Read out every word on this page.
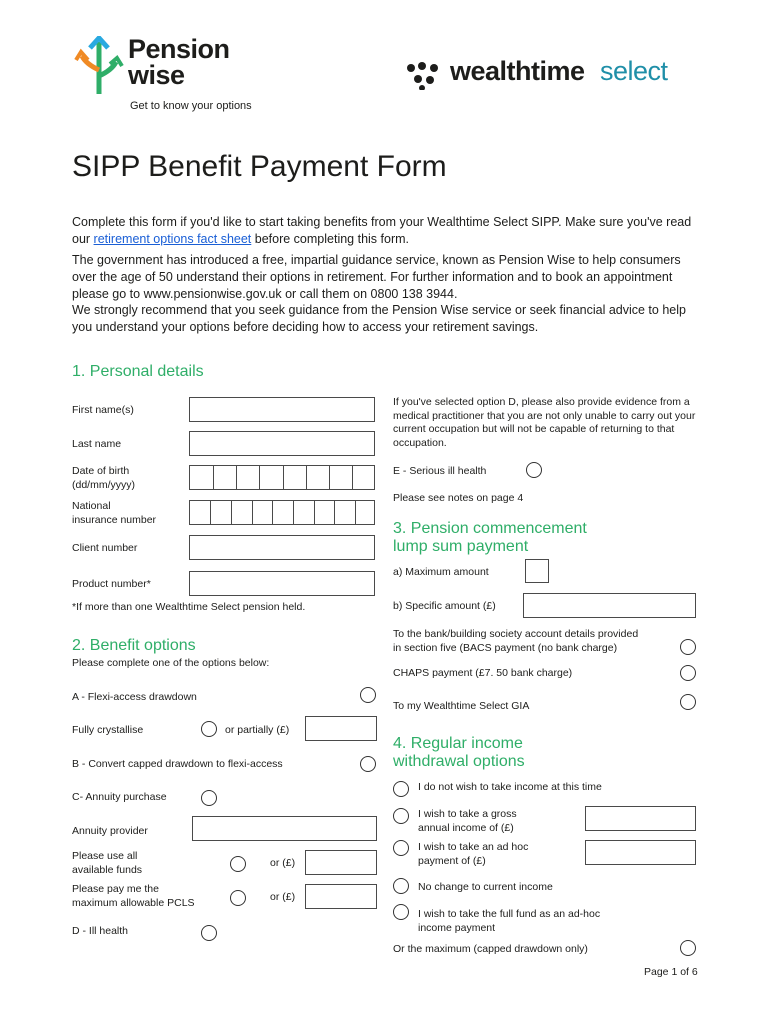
Pension
wise
Get to know your options
wealthtime select
SIPP Benefit Payment Form
Complete this form if you'd like to start taking benefits from your Wealthtime Select SIPP. Make sure you've read our retirement options fact sheet before completing this form.
The government has introduced a free, impartial guidance service, known as Pension Wise to help consumers over the age of 50 understand their options in retirement. For further information and to book an appointment please go to www.pensionwise.gov.uk or call them on 0800 138 3944.
We strongly recommend that you seek guidance from the Pension Wise service or seek financial advice to help you understand your options before deciding how to access your retirement savings.
1. Personal details
First name(s)
Last name
Date of birth
(dd/mm/yyyy)
National
insurance number
Client number
Product number*
*If more than one Wealthtime Select pension held.
2. Benefit options
Please complete one of the options below:
A - Flexi-access drawdown
Fully crystallise	or partially (£)
B - Convert capped drawdown to flexi-access
C- Annuity purchase
Annuity provider
Please use all
available funds
or (£)
Please pay me the
maximum allowable PCLS	or (£)
D - Ill health
If you've selected option D, please also provide evidence from a medical practitioner that you are not only unable to carry out your current occupation but will not be capable of returning to that occupation.
E - Serious ill health
Please see notes on page 4
3. Pension commencement
lump sum payment
a) Maximum amount
b) Specific amount (£)
To the bank/building society account details provided
in section five (BACS payment (no bank charge)
CHAPS payment (£7. 50 bank charge)
To my Wealthtime Select GIA
4. Regular income
withdrawal options
I do not wish to take income at this time
I wish to take a gross
annual income of (£)
I wish to take an ad hoc
payment of (£)
No change to current income
I wish to take the full fund as an ad-hoc
income payment
Or the maximum (capped drawdown only)
Page 1 of 6
